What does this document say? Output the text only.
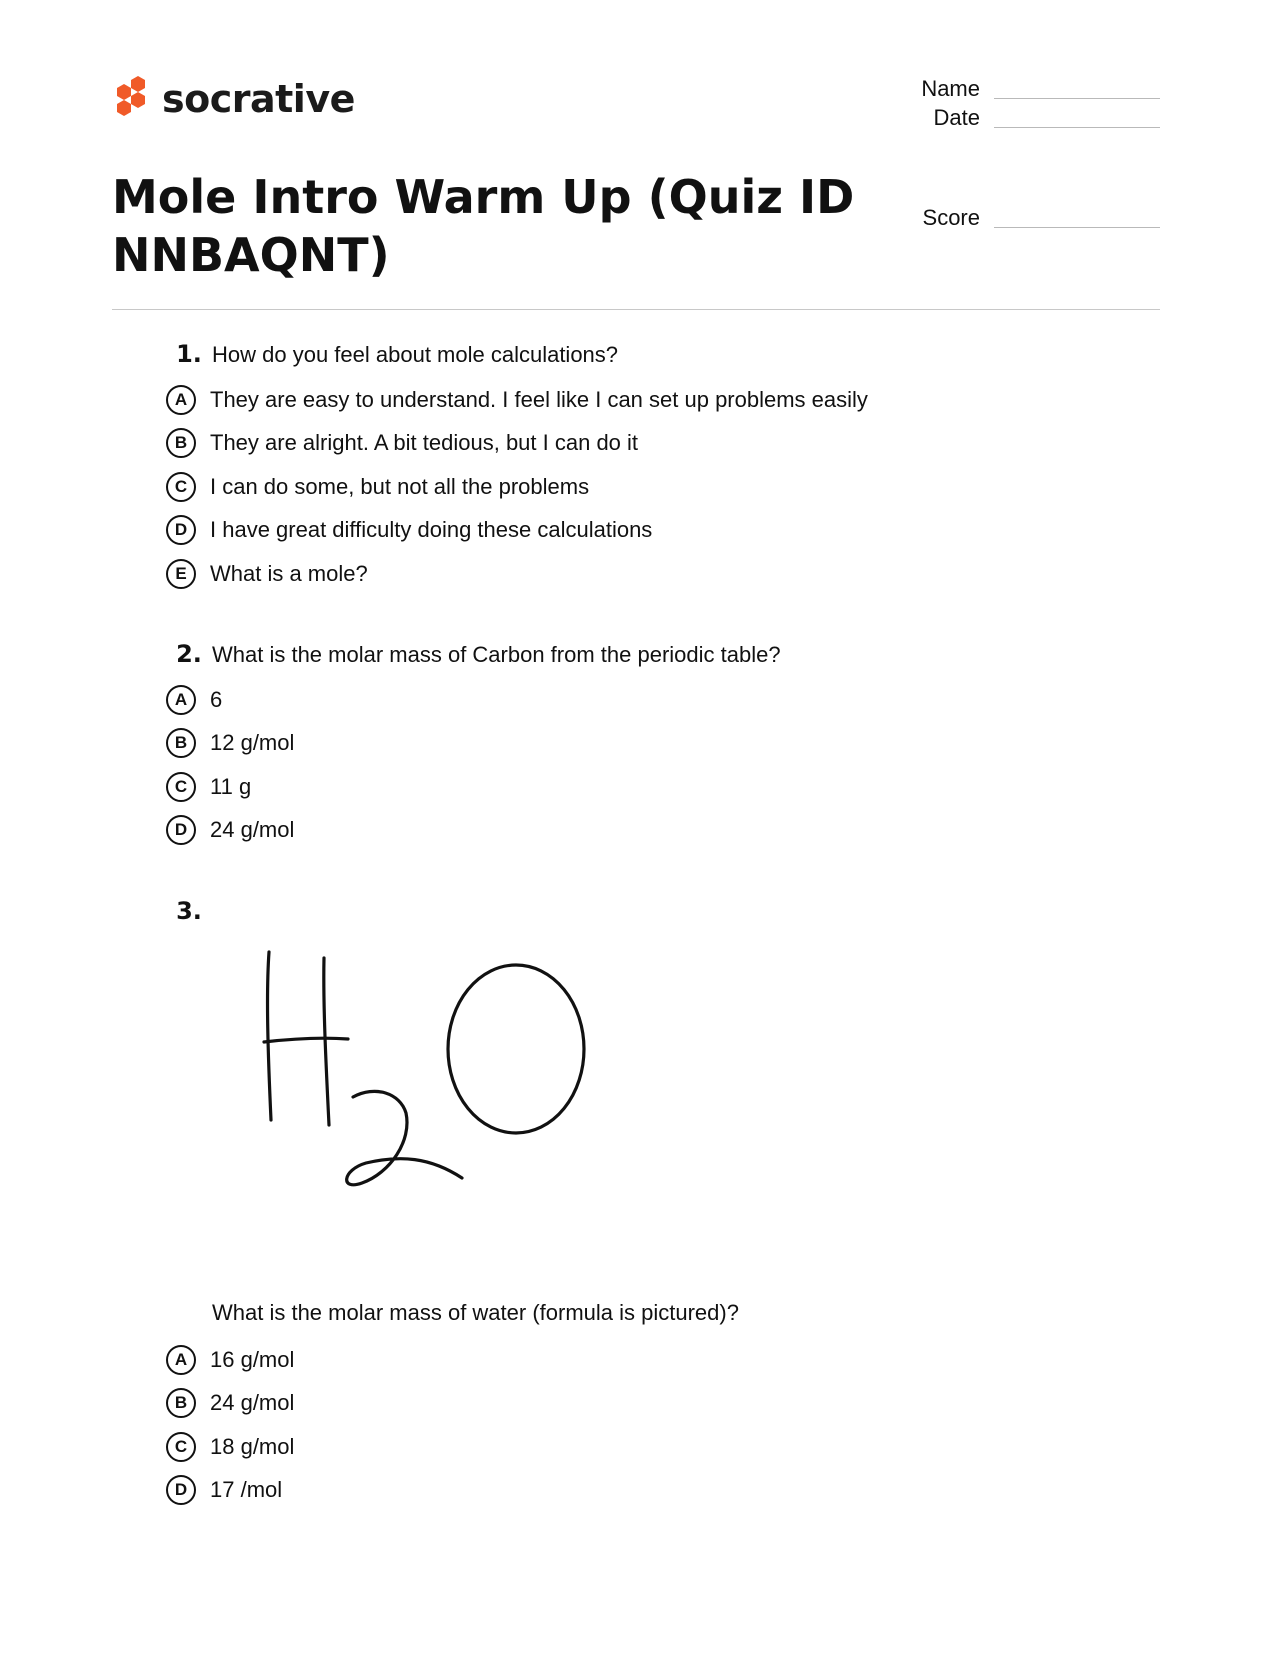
socrative	Name
Date
Score
Mole Intro Warm Up (Quiz ID NNBAQNT)
1. How do you feel about mole calculations?
A	They are easy to understand. I feel like I can set up problems easily
B	They are alright. A bit tedious, but I can do it
C	I can do some, but not all the problems
D	I have great difficulty doing these calculations
E	What is a mole?
2. What is the molar mass of Carbon from the periodic table?
A	6
B	12 g/mol
C	11 g
D	24 g/mol
3.
What is the molar mass of water (formula is pictured)?
A	16 g/mol
B	24 g/mol
C	18 g/mol
D	17 /mol
